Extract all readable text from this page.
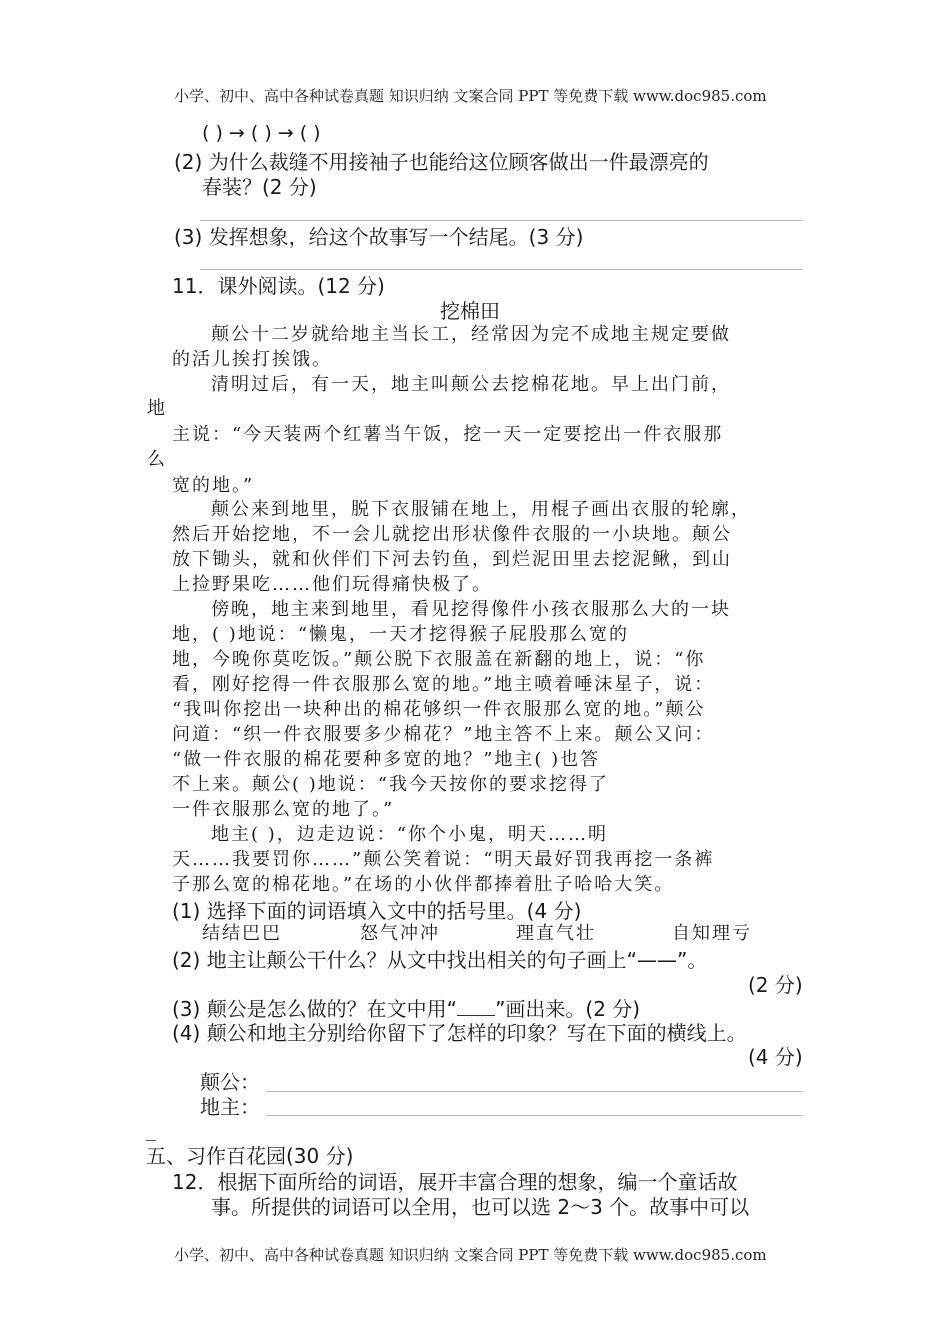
小学、初中、高中各种试卷真题 知识归纳 文案合同 PPT 等免费下载 www.doc985.com
小学、初中、高中各种试卷真题 知识归纳 文案合同 PPT 等免费下载 www.doc985.com
( ) → ( ) → ( )
(2) 为什么裁缝不用接袖子也能给这位顾客做出一件最漂亮的
春装？(2 分)
(3) 发挥想象，给这个故事写一个结尾。(3 分)
11．课外阅读。(12 分)
挖棉田
颠公十二岁就给地主当长工，经常因为完不成地主规定要做
的活儿挨打挨饿。
清明过后，有一天，地主叫颠公去挖棉花地。早上出门前，
地
主说：“今天装两个红薯当午饭，挖一天一定要挖出一件衣服那
么
宽的地。”
颠公来到地里，脱下衣服铺在地上，用棍子画出衣服的轮廓，
然后开始挖地，不一会儿就挖出形状像件衣服的一小块地。颠公
放下锄头，就和伙伴们下河去钓鱼，到烂泥田里去挖泥鳅，到山
上捡野果吃……他们玩得痛快极了。
傍晚，地主来到地里，看见挖得像件小孩衣服那么大的一块
地，( )地说：“懒鬼，一天才挖得猴子屁股那么宽的
地，今晚你莫吃饭。”颠公脱下衣服盖在新翻的地上，说：“你
看，刚好挖得一件衣服那么宽的地。”地主喷着唾沫星子，说：
“我叫你挖出一块种出的棉花够织一件衣服那么宽的地。”颠公
问道：“织一件衣服要多少棉花？”地主答不上来。颠公又问：
“做一件衣服的棉花要种多宽的地？”地主( )也答
不上来。颠公( )地说：“我今天按你的要求挖得了
一件衣服那么宽的地了。”
地主( )，边走边说：“你个小鬼，明天……明
天……我要罚你……”颠公笑着说：“明天最好罚我再挖一条裤
子那么宽的棉花地。”在场的小伙伴都捧着肚子哈哈大笑。
(1) 选择下面的词语填入文中的括号里。(4 分)
结结巴巴	怒气冲冲	理直气壮	自知理亏
(2) 地主让颠公干什么？从文中找出相关的句子画上“——”。
(2 分)
(3) 颠公是怎么做的？在文中用“ ”画出来。(2 分)
(4) 颠公和地主分别给你留下了怎样的印象？写在下面的横线上。
(4 分)
颠公：
地主：
五、习作百花园(30 分)
12．根据下面所给的词语，展开丰富合理的想象，编一个童话故
事。所提供的词语可以全用，也可以选 2～3 个。故事中可以
